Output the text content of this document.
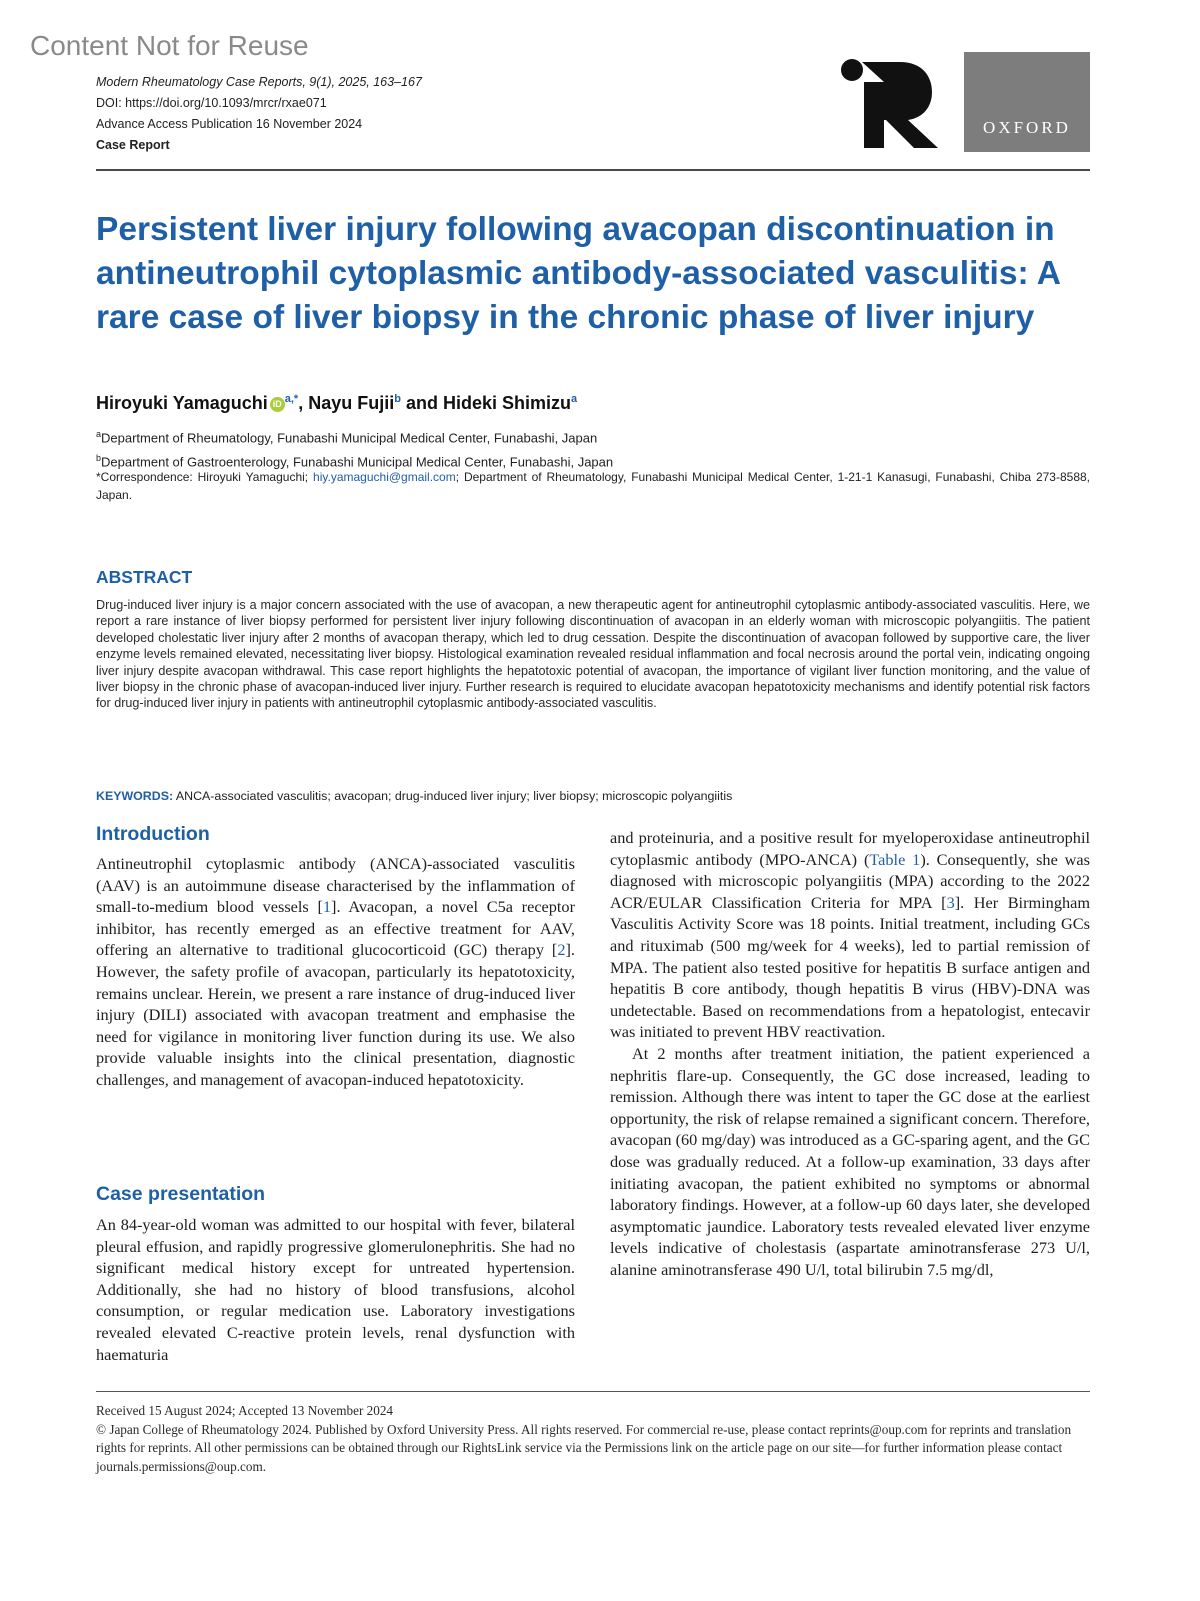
Content Not for Reuse
Modern Rheumatology Case Reports, 9(1), 2025, 163–167
DOI: https://doi.org/10.1093/mrcr/rxae071
Advance Access Publication 16 November 2024
Case Report
OXFORD
Persistent liver injury following avacopan discontinuation in antineutrophil cytoplasmic antibody-associated vasculitis: A rare case of liver biopsy in the chronic phase of liver injury
Hiroyuki Yamaguchi iD $^{a,*}$, Nayu Fujii$^b$ and Hideki Shimizu$^a$
$^a$Department of Rheumatology, Funabashi Municipal Medical Center, Funabashi, Japan
$^b$Department of Gastroenterology, Funabashi Municipal Medical Center, Funabashi, Japan
*Correspondence: Hiroyuki Yamaguchi; hiy.yamaguchi@gmail.com; Department of Rheumatology, Funabashi Municipal Medical Center, 1-21-1 Kanasugi, Funabashi, Chiba 273-8588, Japan.
ABSTRACT

Drug-induced liver injury is a major concern associated with the use of avacopan, a new therapeutic agent for antineutrophil cytoplasmic antibody-associated vasculitis. Here, we report a rare instance of liver biopsy performed for persistent liver injury following discontinuation of avacopan in an elderly woman with microscopic polyangiitis. The patient developed cholestatic liver injury after 2 months of avacopan therapy, which led to drug cessation. Despite the discontinuation of avacopan followed by supportive care, the liver enzyme levels remained elevated, necessitating liver biopsy. Histological examination revealed residual inflammation and focal necrosis around the portal vein, indicating ongoing liver injury despite avacopan withdrawal. This case report highlights the hepatotoxic potential of avacopan, the importance of vigilant liver function monitoring, and the value of liver biopsy in the chronic phase of avacopan-induced liver injury. Further research is required to elucidate avacopan hepatotoxicity mechanisms and identify potential risk factors for drug-induced liver injury in patients with antineutrophil cytoplasmic antibody-associated vasculitis.

KEYWORDS: ANCA-associated vasculitis; avacopan; drug-induced liver injury; liver biopsy; microscopic polyangiitis
Introduction

Antineutrophil cytoplasmic antibody (ANCA)-associated vasculitis (AAV) is an autoimmune disease characterised by the inflammation of small-to-medium blood vessels [1]. Avacopan, a novel C5a receptor inhibitor, has recently emerged as an effective treatment for AAV, offering an alternative to traditional glucocorticoid (GC) therapy [2]. However, the safety profile of avacopan, particularly its hepatotoxicity, remains unclear. Herein, we present a rare instance of drug-induced liver injury (DILI) associated with avacopan treatment and emphasise the need for vigilance in monitoring liver function during its use. We also provide valuable insights into the clinical presentation, diagnostic challenges, and management of avacopan-induced hepatotoxicity.

Case presentation

An 84-year-old woman was admitted to our hospital with fever, bilateral pleural effusion, and rapidly progressive glomerulonephritis. She had no significant medical history except for untreated hypertension. Additionally, she had no history of blood transfusions, alcohol consumption, or regular medication use. Laboratory investigations revealed elevated C-reactive protein levels, renal dysfunction with haematuria

and proteinuria, and a positive result for myeloperoxidase antineutrophil cytoplasmic antibody (MPO-ANCA) (Table 1). Consequently, she was diagnosed with microscopic polyangiitis (MPA) according to the 2022 ACR/EULAR Classification Criteria for MPA [3]. Her Birmingham Vasculitis Activity Score was 18 points. Initial treatment, including GCs and rituximab (500 mg/week for 4 weeks), led to partial remission of MPA. The patient also tested positive for hepatitis B surface antigen and hepatitis B core antibody, though hepatitis B virus (HBV)-DNA was undetectable. Based on recommendations from a hepatologist, entecavir was initiated to prevent HBV reactivation.

At 2 months after treatment initiation, the patient experienced a nephritis flare-up. Consequently, the GC dose increased, leading to remission. Although there was intent to taper the GC dose at the earliest opportunity, the risk of relapse remained a significant concern. Therefore, avacopan (60 mg/day) was introduced as a GC-sparing agent, and the GC dose was gradually reduced. At a follow-up examination, 33 days after initiating avacopan, the patient exhibited no symptoms or abnormal laboratory findings. However, at a follow-up 60 days later, she developed asymptomatic jaundice. Laboratory tests revealed elevated liver enzyme levels indicative of cholestasis (aspartate aminotransferase 273 U/l, alanine aminotransferase 490 U/l, total bilirubin 7.5 mg/dl,

Received 15 August 2024; Accepted 13 November 2024

© Japan College of Rheumatology 2024. Published by Oxford University Press. All rights reserved. For commercial re-use, please contact reprints@oup.com for reprints and translation rights for reprints. All other permissions can be obtained through our RightsLink service via the Permissions link on the article page on our site—for further information please contact journals.permissions@oup.com.
